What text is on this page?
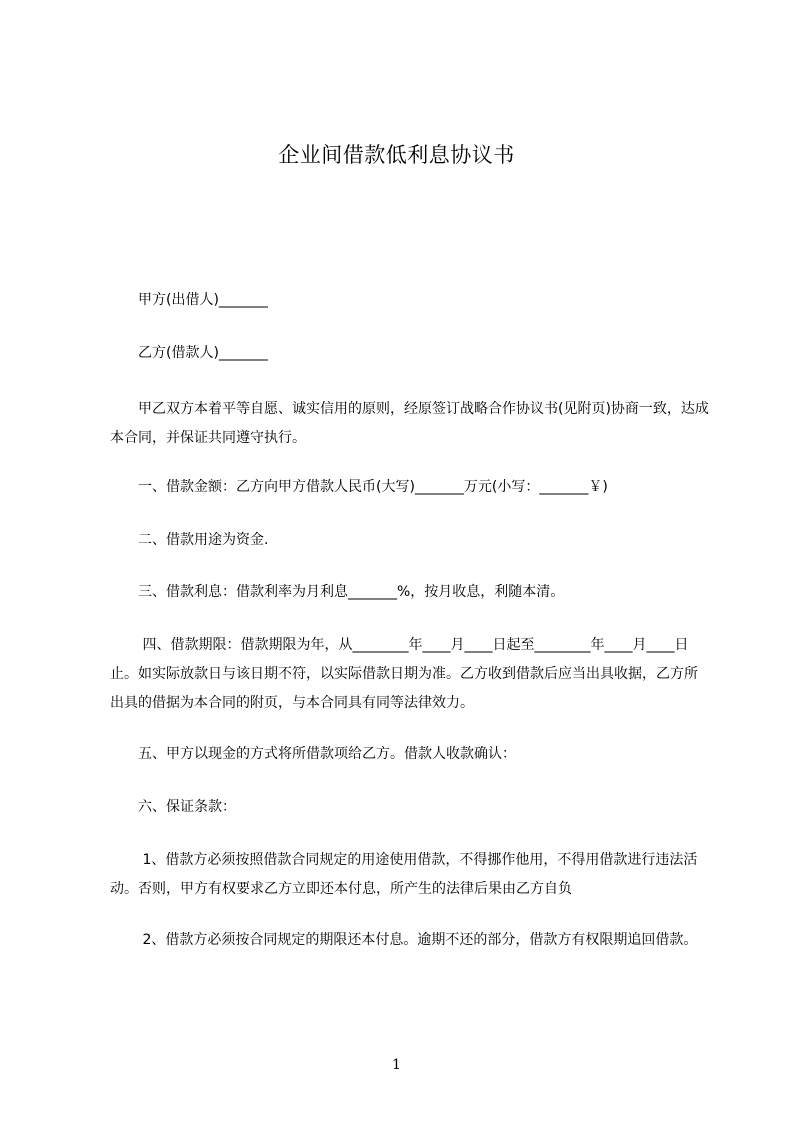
企业间借款低利息协议书
甲方(出借人)_______
乙方(借款人)_______
甲乙双方本着平等自愿、诚实信用的原则，经原签订战略合作协议书(见附页)协商一致，达成本合同，并保证共同遵守执行。
一、借款金额：乙方向甲方借款人民币(大写)_______万元(小写：_______￥)
二、借款用途为资金.
三、借款利息：借款利率为月利息_______%，按月收息，利随本清。
四、借款期限：借款期限为年，从________年____月____日起至________年____月____日止。如实际放款日与该日期不符，以实际借款日期为准。乙方收到借款后应当出具收据，乙方所出具的借据为本合同的附页，与本合同具有同等法律效力。
五、甲方以现金的方式将所借款项给乙方。借款人收款确认：
六、保证条款：
1、借款方必须按照借款合同规定的用途使用借款，不得挪作他用，不得用借款进行违法活动。否则，甲方有权要求乙方立即还本付息，所产生的法律后果由乙方自负
2、借款方必须按合同规定的期限还本付息。逾期不还的部分，借款方有权限期追回借款。
1
